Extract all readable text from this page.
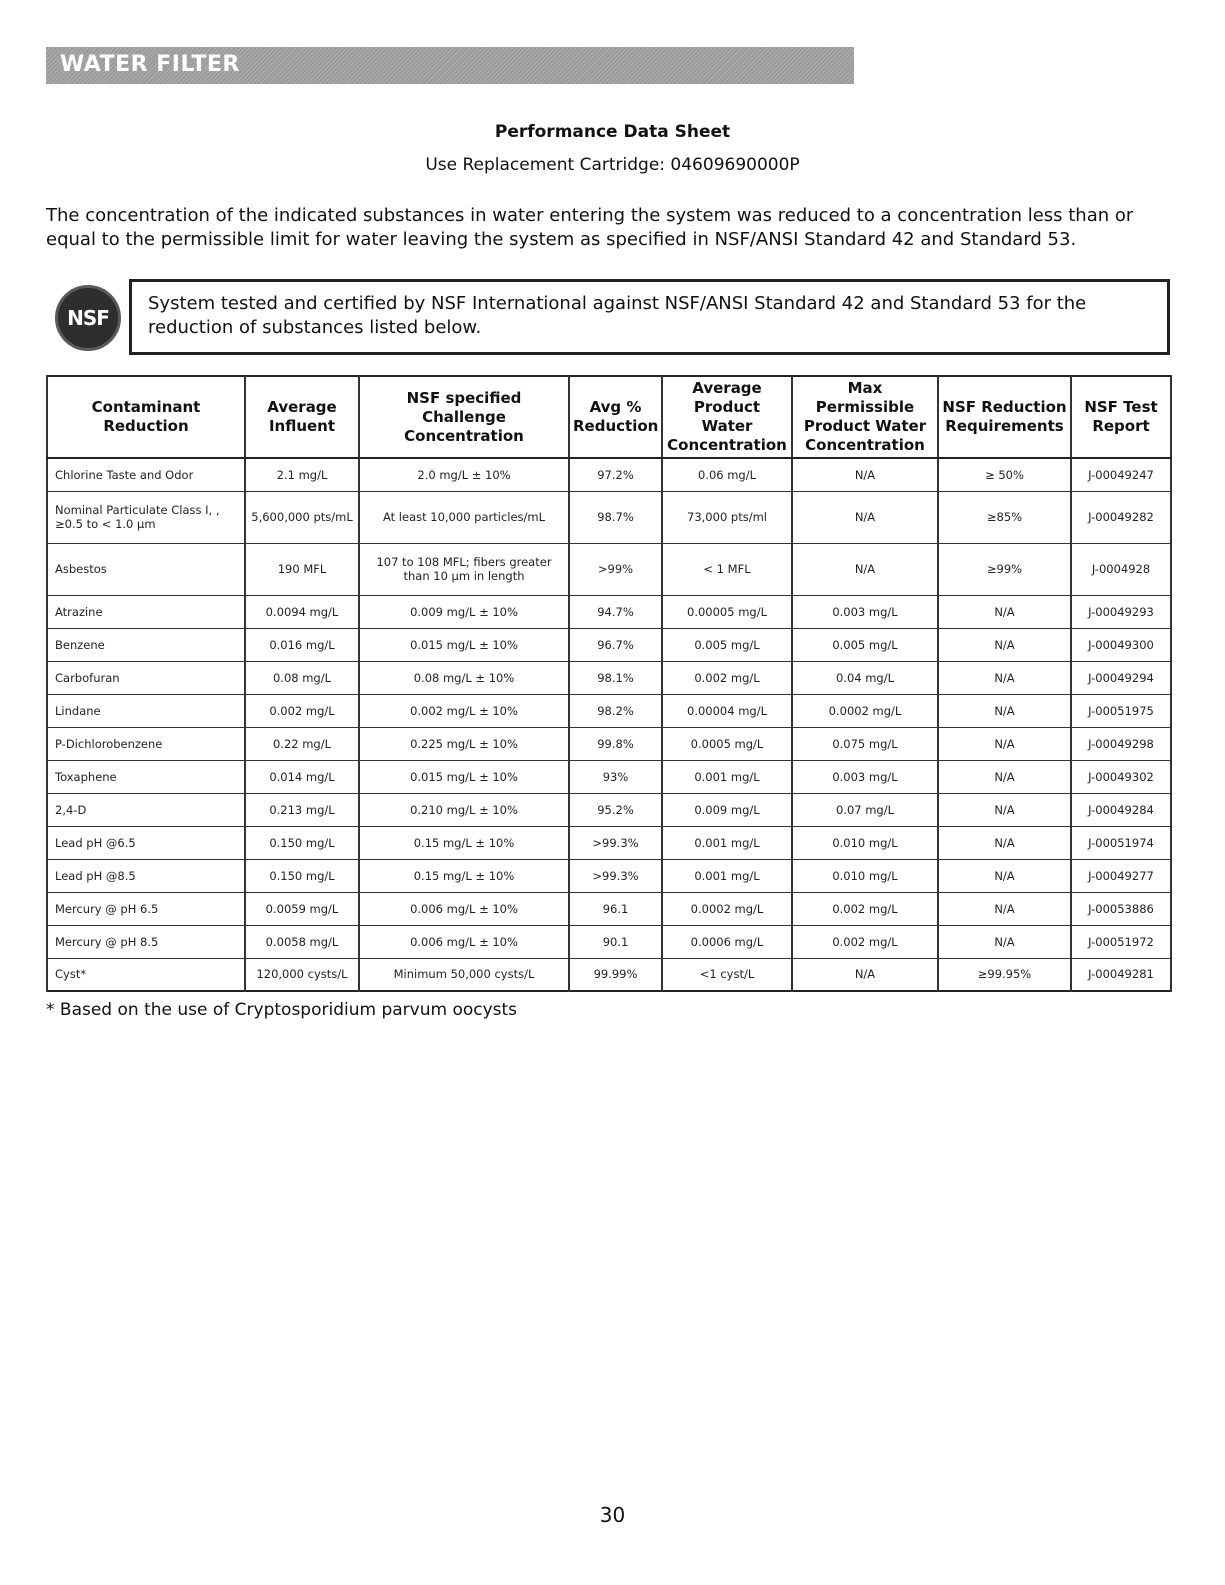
WATER FILTER
Performance Data Sheet
Use Replacement Cartridge: 04609690000P

The concentration of the indicated substances in water entering the system was reduced to a concentration less than or equal to the permissible limit for water leaving the system as specified in NSF/ANSI Standard 42 and Standard 53.

NSF
System tested and certified by NSF International against NSF/ANSI Standard 42 and Standard 53 for the reduction of substances listed below.
Contaminant Reduction	Average Influent	NSF specified Challenge Concentration	Avg % Reduction	Average Product Water Concentration	Max Permissible Product Water Concentration	NSF Reduction Requirements	NSF Test Report
Chlorine Taste and Odor	2.1 mg/L	2.0 mg/L ± 10%	97.2%	0.06 mg/L	N/A	≥ 50%	J-00049247
Nominal Particulate Class I, , ≥0.5 to < 1.0 µm	5,600,000 pts/mL	At least 10,000 particles/mL	98.7%	73,000 pts/ml	N/A	≥85%	J-00049282
Asbestos	190 MFL	107 to 108 MFL; fibers greater than 10 µm in length	>99%	< 1 MFL	N/A	≥99%	J-0004928
Atrazine	0.0094 mg/L	0.009 mg/L ± 10%	94.7%	0.00005 mg/L	0.003 mg/L	N/A	J-00049293
Benzene	0.016 mg/L	0.015 mg/L ± 10%	96.7%	0.005 mg/L	0.005 mg/L	N/A	J-00049300
Carbofuran	0.08 mg/L	0.08 mg/L ± 10%	98.1%	0.002 mg/L	0.04 mg/L	N/A	J-00049294
Lindane	0.002 mg/L	0.002 mg/L ± 10%	98.2%	0.00004 mg/L	0.0002 mg/L	N/A	J-00051975
P-Dichlorobenzene	0.22 mg/L	0.225 mg/L ± 10%	99.8%	0.0005 mg/L	0.075 mg/L	N/A	J-00049298
Toxaphene	0.014 mg/L	0.015 mg/L ± 10%	93%	0.001 mg/L	0.003 mg/L	N/A	J-00049302
2,4-D	0.213 mg/L	0.210 mg/L ± 10%	95.2%	0.009 mg/L	0.07 mg/L	N/A	J-00049284
Lead pH @6.5	0.150 mg/L	0.15 mg/L ± 10%	>99.3%	0.001 mg/L	0.010 mg/L	N/A	J-00051974
Lead pH @8.5	0.150 mg/L	0.15 mg/L ± 10%	>99.3%	0.001 mg/L	0.010 mg/L	N/A	J-00049277
Mercury @ pH 6.5	0.0059 mg/L	0.006 mg/L ± 10%	96.1	0.0002 mg/L	0.002 mg/L	N/A	J-00053886
Mercury @ pH 8.5	0.0058 mg/L	0.006 mg/L ± 10%	90.1	0.0006 mg/L	0.002 mg/L	N/A	J-00051972
Cyst*	120,000 cysts/L	Minimum 50,000 cysts/L	99.99%	<1 cyst/L	N/A	≥99.95%	J-00049281
* Based on the use of Cryptosporidium parvum oocysts
30
